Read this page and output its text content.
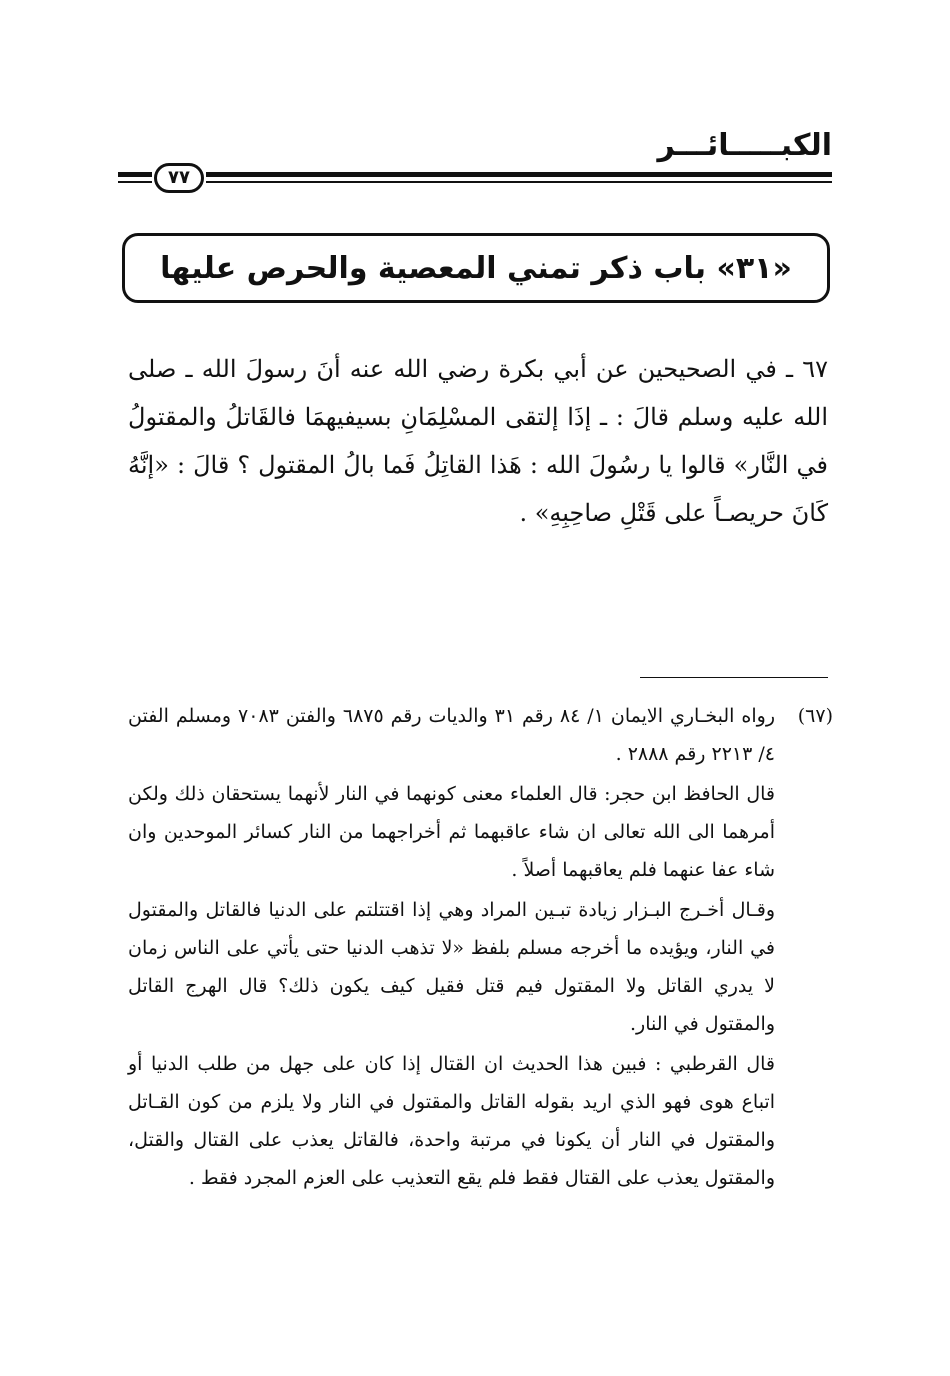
الكبـــــائـــر
٧٧
«٣١» باب ذكر تمني المعصية والحرص عليها

٦٧ ـ في الصحيحين عن أبي بكرة رضي الله عنه أنَ رسولَ الله ـ صلى الله عليه وسلم قالَ : ـ إذَا إلتقى المسْلِمَانِ بسيفيهمَا فالقَاتلُ والمقتولُ في النَّار» قالوا يا رسُولَ الله : هَذا القاتِلُ فَما بالُ المقتول ؟ قالَ : «إنَّهُ كَانَ حريصـاً على قَتْلِ صاحِبِهِ» .

(٦٧)

رواه البخـاري الايمان ١/ ٨٤ رقم ٣١ والديات رقم ٦٨٧٥ والفتن ٧٠٨٣ ومسلم الفتن ٤/ ٢٢١٣ رقم ٢٨٨٨ .

قال الحافظ ابن حجر: قال العلماء معنى كونهما في النار لأنهما يستحقان ذلك ولكن أمرهما الى الله تعالى ان شاء عاقبهما ثم أخراجهما من النار كسائر الموحدين وان شاء عفا عنهما فلم يعاقبهما أصلاً .

وقـال أخـرج البـزار زيادة تبـين المراد وهي إذا اقتتلتم على الدنيا فالقاتل والمقتول في النار، ويؤيده ما أخرجه مسلم بلفظ «لا تذهب الدنيا حتى يأتي على الناس زمان لا يدري القاتل ولا المقتول فيم قتل فقيل كيف يكون ذلك؟ قال الهرج القاتل والمقتول في النار.

قال القرطبي : فبين هذا الحديث ان القتال إذا كان على جهل من طلب الدنيا أو اتباع هوى فهو الذي اريد بقوله القاتل والمقتول في النار ولا يلزم من كون القـاتل والمقتول في النار أن يكونا في مرتبة واحدة، فالقاتل يعذب على القتال والقتل، والمقتول يعذب على القتال فقط فلم يقع التعذيب على العزم المجرد فقط .
